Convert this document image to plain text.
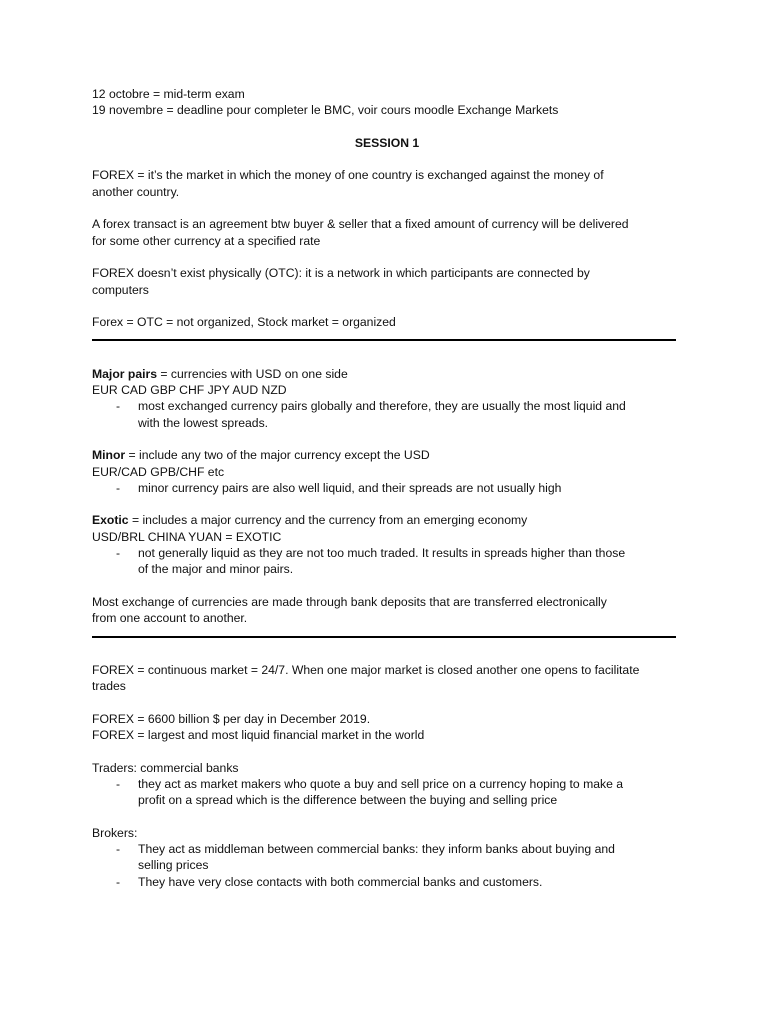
12 octobre = mid-term exam
19 novembre = deadline pour completer le BMC, voir cours moodle Exchange Markets
SESSION 1
FOREX = it’s the market in which the money of one country is exchanged against the money of
another country.
A forex transact is an agreement btw buyer & seller that a fixed amount of currency will be delivered
for some other currency at a specified rate
FOREX doesn’t exist physically (OTC): it is a network in which participants are connected by
computers
Forex = OTC = not organized, Stock market = organized
Major pairs = currencies with USD on one side
EUR CAD GBP CHF JPY AUD NZD
- most exchanged currency pairs globally and therefore, they are usually the most liquid and
with the lowest spreads.
Minor = include any two of the major currency except the USD
EUR/CAD GPB/CHF etc
- minor currency pairs are also well liquid, and their spreads are not usually high
Exotic = includes a major currency and the currency from an emerging economy
USD/BRL CHINA YUAN = EXOTIC
- not generally liquid as they are not too much traded. It results in spreads higher than those
of the major and minor pairs.
Most exchange of currencies are made through bank deposits that are transferred electronically
from one account to another.
FOREX = continuous market = 24/7. When one major market is closed another one opens to facilitate
trades
FOREX = 6600 billion $ per day in December 2019.
FOREX = largest and most liquid financial market in the world
Traders: commercial banks
- they act as market makers who quote a buy and sell price on a currency hoping to make a
profit on a spread which is the difference between the buying and selling price
Brokers:
- They act as middleman between commercial banks: they inform banks about buying and
selling prices
- They have very close contacts with both commercial banks and customers.
